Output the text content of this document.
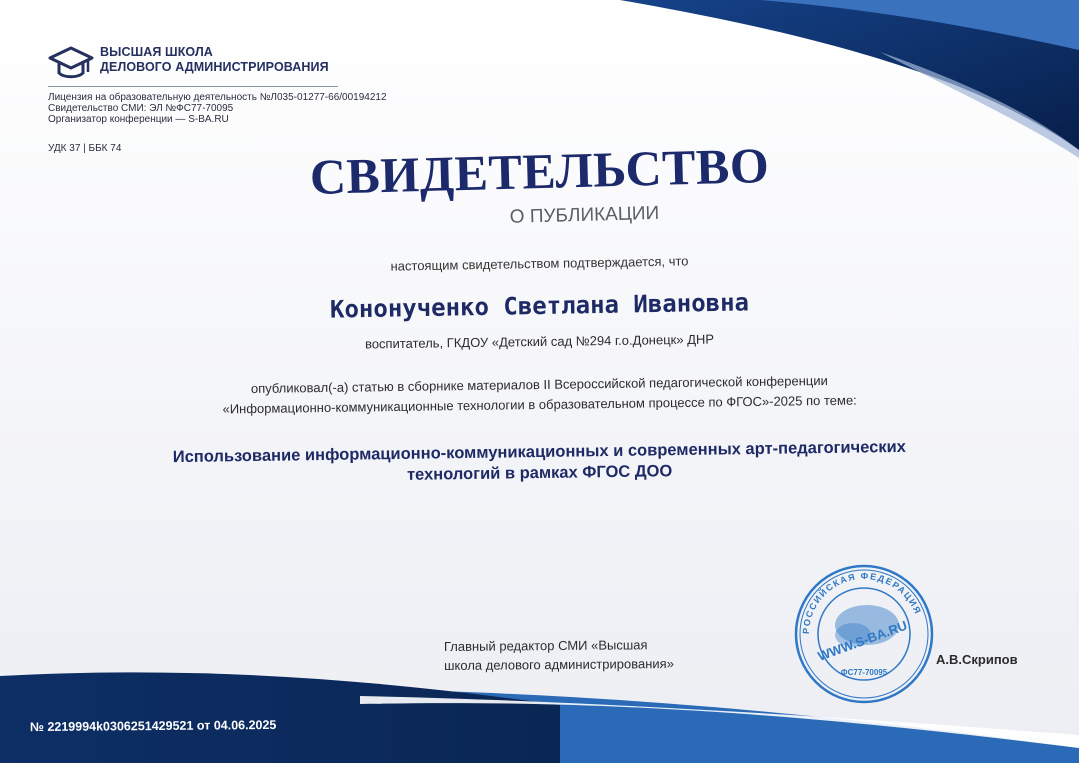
ВЫСШАЯ ШКОЛА
ДЕЛОВОГО АДМИНИСТРИРОВАНИЯ
Лицензия на образовательную деятельность №Л035-01277-66/00194212
Свидетельство СМИ: ЭЛ №ФС77-70095
Организатор конференции — S-BA.RU
УДК 37 | ББК 74	СВИДЕТЕЛЬСТВО
О ПУБЛИКАЦИИ
настоящим свидетельством подтверждается, что
Кононученко Светлана Ивановна
воспитатель, ГКДОУ «Детский сад №294 г.о.Донецк» ДНР
опубликовал(-а) статью в сборнике материалов II Всероссийской педагогической конференции
«Информационно-коммуникационные технологии в образовательном процессе по ФГОС»-2025 по теме:
Использование информационно-коммуникационных и современных арт-педагогических
технологий в рамках ФГОС ДОО
Главный редактор СМИ «Высшая
школа делового администрирования»
РОССИЙСКАЯ ФЕДЕРАЦИЯ
WWW.S-BA.RU
ФС77-70095
А.В.Скрипов
№ 2219994k0306251429521 от 04.06.2025
